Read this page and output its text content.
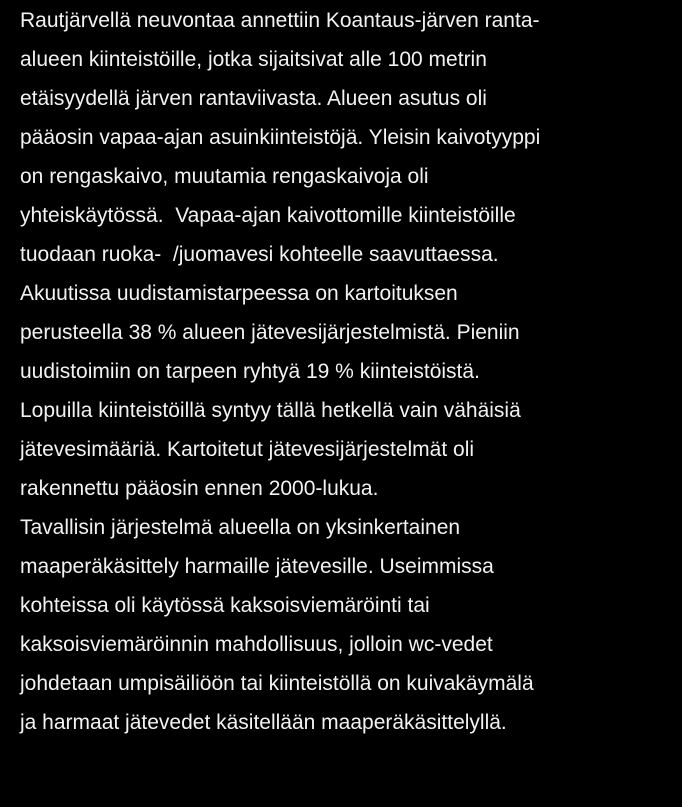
Rautjärvellä neuvontaa annettiin Koantaus-järven ranta-
alueen kiinteistöille, jotka sijaitsivat alle 100 metrin
etäisyydellä järven rantaviivasta. Alueen asutus oli
pääosin vapaa-ajan asuinkiinteistöjä. Yleisin kaivotyyppi
on rengaskaivo, muutamia rengaskaivoja oli
yhteiskäytössä.  Vapaa-ajan kaivottomille kiinteistöille
tuodaan ruoka-  /juomavesi kohteelle saavuttaessa.
Akuutissa uudistamistarpeessa on kartoituksen
perusteella 38 % alueen jätevesijärjestelmistä. Pieniin
uudistoimiin on tarpeen ryhtyä 19 % kiinteistöistä.
Lopuilla kiinteistöillä syntyy tällä hetkellä vain vähäisiä
jätevesimääriä. Kartoitetut jätevesijärjestelmät oli
rakennettu pääosin ennen 2000-lukua.
Tavallisin järjestelmä alueella on yksinkertainen
maaperäkäsittely harmaille jätevesille. Useimmissa
kohteissa oli käytössä kaksoisviemäröinti tai
kaksoisviemäröinnin mahdollisuus, jolloin wc-vedet
johdetaan umpisäiliöön tai kiinteistöllä on kuivakäymälä
ja harmaat jätevedet käsitellään maaperäkäsittelyllä.
